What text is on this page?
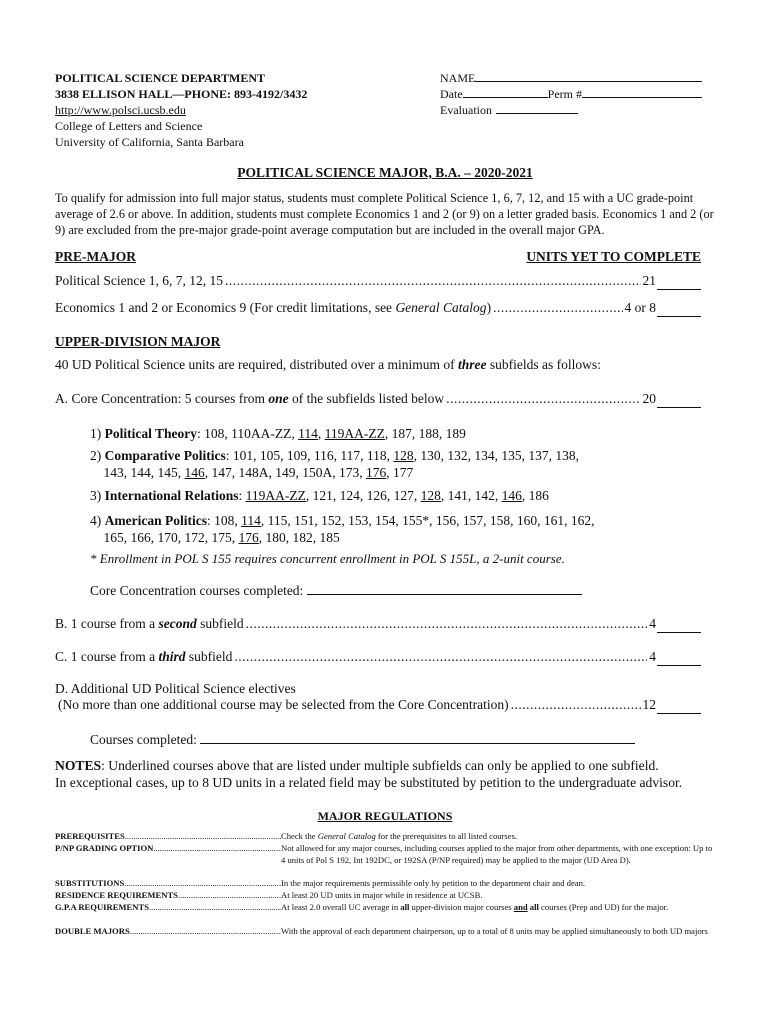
POLITICAL SCIENCE DEPARTMENT
3838 ELLISON HALL—PHONE: 893-4192/3432
http://www.polsci.ucsb.edu
College of Letters and Science
University of California, Santa Barbara
NAME
Date	Perm #
Evaluation
POLITICAL SCIENCE MAJOR, B.A. – 2020-2021
To qualify for admission into full major status, students must complete Political Science 1, 6, 7, 12, and 15 with a UC grade-point average of 2.6 or above. In addition, students must complete Economics 1 and 2 (or 9) on a letter graded basis. Economics 1 and 2 (or 9) are excluded from the pre-major grade-point average computation but are included in the overall major GPA.
PRE-MAJOR	UNITS YET TO COMPLETE
Political Science 1, 6, 7, 12, 15 .....	21

Economics 1 and 2 or Economics 9 (For credit limitations, see General Catalog) .....	4 or 8

UPPER-DIVISION MAJOR
40 UD Political Science units are required, distributed over a minimum of three subfields as follows:
A. Core Concentration: 5 courses from one of the subfields listed below .....	20

1) Political Theory: 108, 110AA-ZZ, 114, 119AA-ZZ, 187, 188, 189
2) Comparative Politics: 101, 105, 109, 116, 117, 118, 128, 130, 132, 134, 135, 137, 138,
143, 144, 145, 146, 147, 148A, 149, 150A, 173, 176, 177
3) International Relations: 119AA-ZZ, 121, 124, 126, 127, 128, 141, 142, 146, 186
4) American Politics: 108, 114, 115, 151, 152, 153, 154, 155*, 156, 157, 158, 160, 161, 162,
165, 166, 170, 172, 175, 176, 180, 182, 185
* Enrollment in POL S 155 requires concurrent enrollment in POL S 155L, a 2-unit course.
Core Concentration courses completed:
B. 1 course from a second subfield .....	4

C. 1 course from a third subfield .....	4

D. Additional UD Political Science electives
(No more than one additional course may be selected from the Core Concentration) .....	12

Courses completed:
NOTES: Underlined courses above that are listed under multiple subfields can only be applied to one subfield.
In exceptional cases, up to 8 UD units in a related field may be substituted by petition to the undergraduate advisor.
MAJOR REGULATIONS
PREREQUISITES .....	Check the General Catalog for the prerequisites to all listed courses.
P/NP GRADING OPTION .....	Not allowed for any major courses, including courses applied to the major from other departments, with one exception: Up to 4 units of Pol S 192, Int 192DC, or 192SA (P/NP required) may be applied to the major (UD Area D).
SUBSTITUTIONS .....	In the major requirements permissible only by petition to the department chair and dean.
RESIDENCE REQUIREMENTS .....	At least 20 UD units in major while in residence at UCSB.
G.P.A REQUIREMENTS .....	At least 2.0 overall UC average in all upper-division major courses and all courses (Prep and UD) for the major.
DOUBLE MAJORS .....	With the approval of each department chairperson, up to a total of 8 units may be applied simultaneously to both UD majors
